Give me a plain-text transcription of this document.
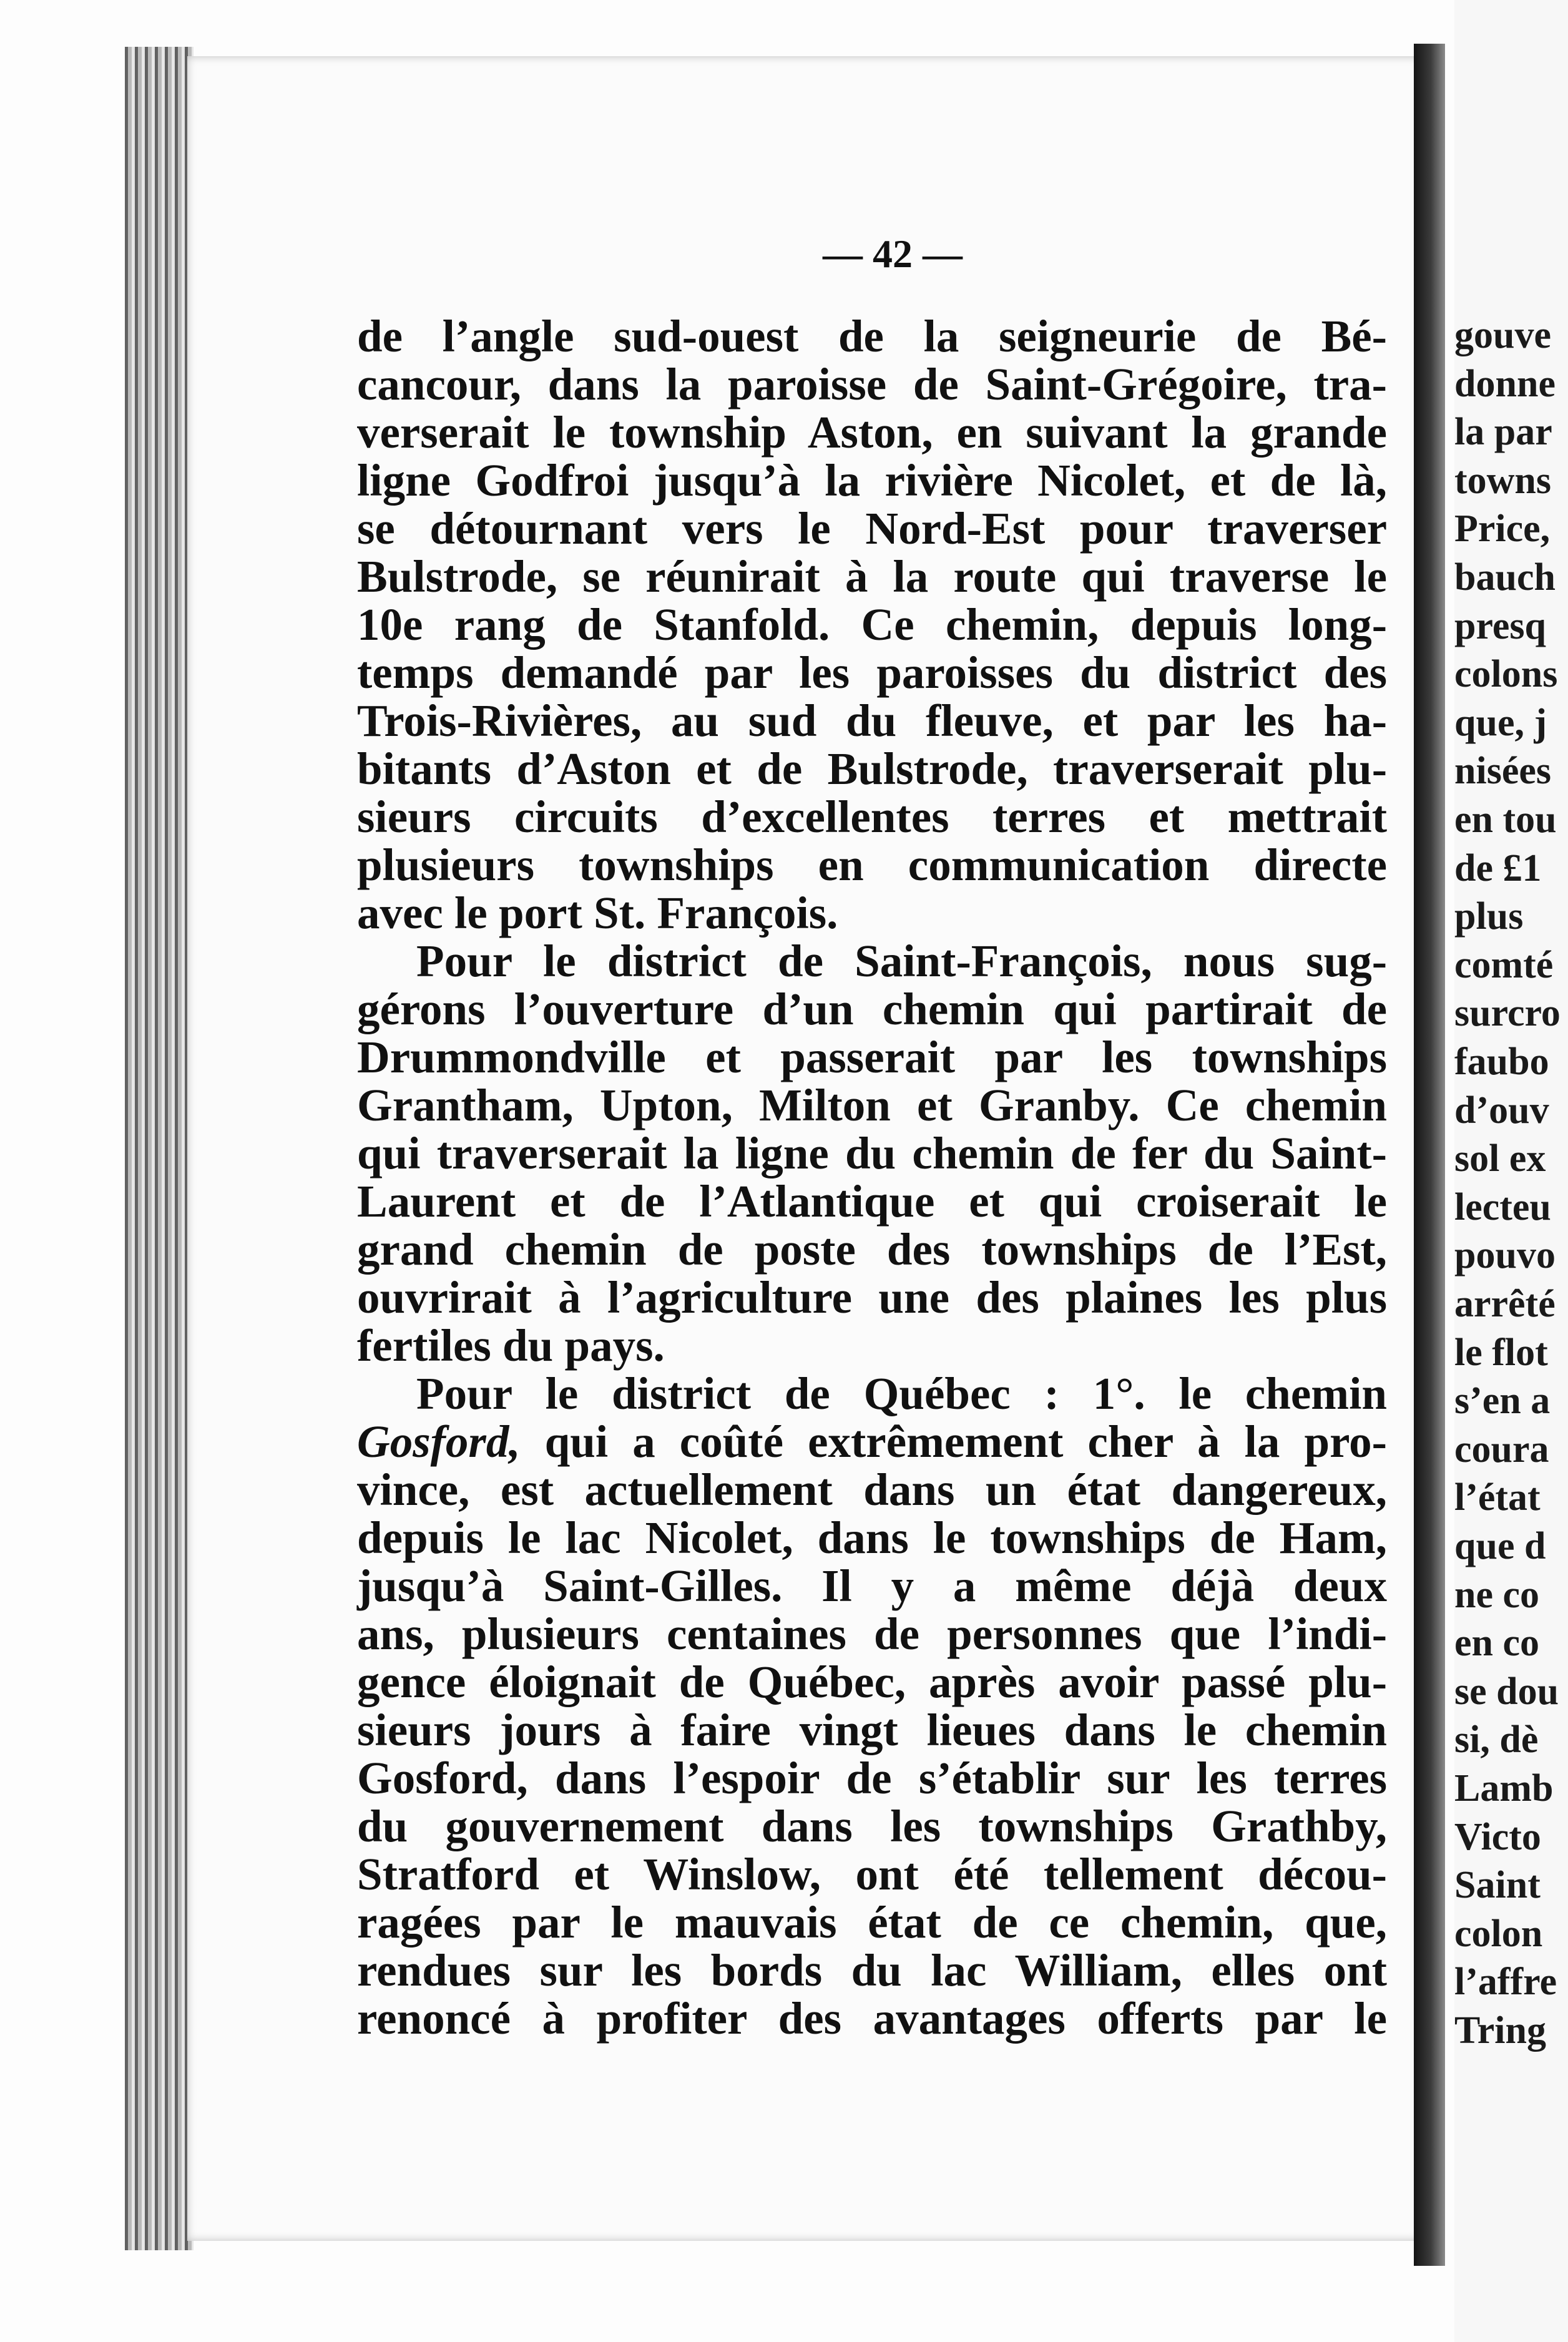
gouve
donne
la par
towns
Price,
bauch
presq
colons
que, j
nisées
en tou
de £1
plus
comté
surcro
faubo
d’ouv
sol ex
lecteu
pouvo
arrêté
le flot
s’en a
coura
l’état
que d
ne co
en co
se dou
si, dè
Lamb
Victo
Saint
colon
l’affre
Tring
— 42 —
de l’angle sud-ouest de la seigneurie de Bé-
cancour, dans la paroisse de Saint-Grégoire, tra-
verserait le township Aston, en suivant la grande
ligne Godfroi jusqu’à la rivière Nicolet, et de là,
se détournant vers le Nord-Est pour traverser
Bulstrode, se réunirait à la route qui traverse le
10e rang de Stanfold. Ce chemin, depuis long-
temps demandé par les paroisses du district des
Trois-Rivières, au sud du fleuve, et par les ha-
bitants d’Aston et de Bulstrode, traverserait plu-
sieurs circuits d’excellentes terres et mettrait
plusieurs townships en communication directe
avec le port St. François.
Pour le district de Saint-François, nous sug-
gérons l’ouverture d’un chemin qui partirait de
Drummondville et passerait par les townships
Grantham, Upton, Milton et Granby. Ce chemin
qui traverserait la ligne du chemin de fer du Saint-
Laurent et de l’Atlantique et qui croiserait le
grand chemin de poste des townships de l’Est,
ouvrirait à l’agriculture une des plaines les plus
fertiles du pays.
Pour le district de Québec : 1°. le chemin
Gosford, qui a coûté extrêmement cher à la pro-
vince, est actuellement dans un état dangereux,
depuis le lac Nicolet, dans le townships de Ham,
jusqu’à Saint-Gilles. Il y a même déjà deux
ans, plusieurs centaines de personnes que l’indi-
gence éloignait de Québec, après avoir passé plu-
sieurs jours à faire vingt lieues dans le chemin
Gosford, dans l’espoir de s’établir sur les terres
du gouvernement dans les townships Grathby,
Stratford et Winslow, ont été tellement décou-
ragées par le mauvais état de ce chemin, que,
rendues sur les bords du lac William, elles ont
renoncé à profiter des avantages offerts par le
